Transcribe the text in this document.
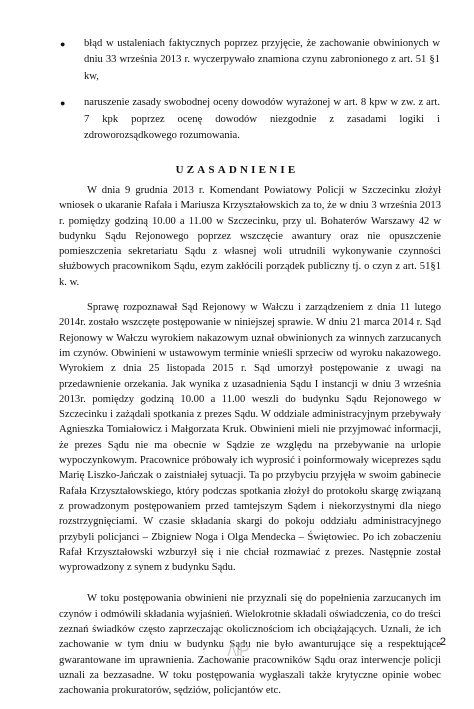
● błąd w ustaleniach faktycznych poprzez przyjęcie, że zachowanie obwinionych w dniu 33 września 2013 r. wyczerpywało znamiona czynu zabronionego z art. 51 §1 kw,
● naruszenie zasady swobodnej oceny dowodów wyrażonej w art. 8 kpw w zw. z art. 7 kpk poprzez ocenę dowodów niezgodnie z zasadami logiki i zdroworozsądkowego rozumowania.
UZASADNIENIE

W dnia 9 grudnia 2013 r. Komendant Powiatowy Policji w Szczecinku złożył wniosek o ukaranie Rafała i Mariusza Krzyształowskich za to, że w dniu 3 września 2013 r. pomiędzy godziną 10.00 a 11.00 w Szczecinku, przy ul. Bohaterów Warszawy 42 w budynku Sądu Rejonowego poprzez wszczęcie awantury oraz nie opuszczenie pomieszczenia sekretariatu Sądu z własnej woli utrudnili wykonywanie czynności służbowych pracownikom Sądu, ezym zakłócili porządek publiczny tj. o czyn z art. 51§1 k. w.

Sprawę rozpoznawał Sąd Rejonowy w Wałczu i zarządzeniem z dnia 11 lutego 2014r. zostało wszczęte postępowanie w niniejszej sprawie. W dniu 21 marca 2014 r. Sąd Rejonowy w Wałczu wyrokiem nakazowym uznał obwinionych za winnych zarzucanych im czynów. Obwinieni w ustawowym terminie wnieśli sprzeciw od wyroku nakazowego. Wyrokiem z dnia 25 listopada 2015 r. Sąd umorzył postępowanie z uwagi na przedawnienie orzekania. Jak wynika z uzasadnienia Sądu I instancji w dniu 3 września 2013r. pomiędzy godziną 10.00 a 11.00 weszli do budynku Sądu Rejonowego w Szczecinku i zażądali spotkania z prezes Sądu. W oddziale administracyjnym przebywały Agnieszka Tomiałowicz i Małgorzata Kruk. Obwinieni mieli nie przyjmować informacji, że prezes Sądu nie ma obecnie w Sądzie ze względu na przebywanie na urlopie wypoczynkowym. Pracownice próbowały ich wyprosić i poinformowały wiceprezes sądu Marię Liszko-Jańczak o zaistniałej sytuacji. Ta po przybyciu przyjęła w swoim gabinecie Rafała Krzyształowskiego, który podczas spotkania złożył do protokołu skargę związaną z prowadzonym postępowaniem przed tamtejszym Sądem i niekorzystnymi dla niego rozstrzygnięciami. W czasie składania skargi do pokoju oddziału administracyjnego przybyli policjanci – Zbigniew Noga i Olga Mendecka – Świętowiec. Po ich zobaczeniu Rafał Krzyształowski wzburzył się i nie chciał rozmawiać z prezes. Następnie został wyprowadzony z synem z budynku Sądu.

W toku postępowania obwinieni nie przyznali się do popełnienia zarzucanych im czynów i odmówili składania wyjaśnień. Wielokrotnie składali oświadczenia, co do treści zeznań świadków często zaprzeczając okolicznościom ich obciążających. Uznali, że ich zachowanie w tym dniu w budynku Sądu nie było awanturujące się a respektujące gwarantowane im uprawnienia. Zachowanie pracowników Sądu oraz interwencje policji uznali za bezzasadne. W toku postępowania wygłaszali także krytyczne opinie wobec zachowania prokuratorów, sędziów, policjantów etc.

2
